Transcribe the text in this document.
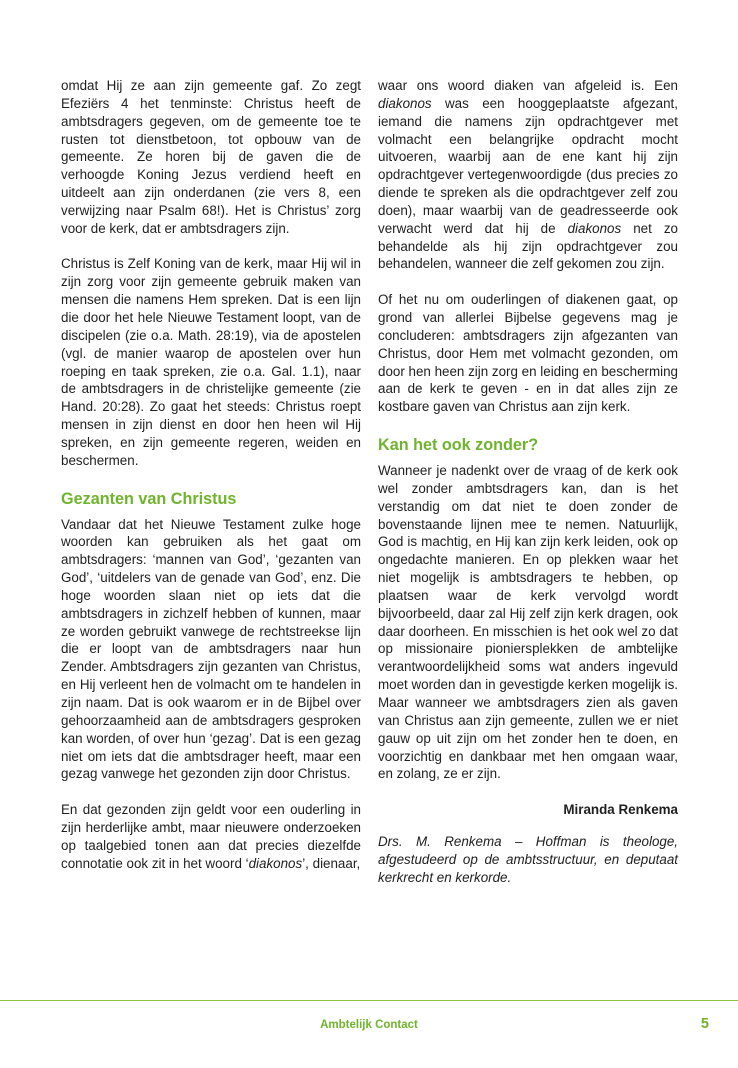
omdat Hij ze aan zijn gemeente gaf. Zo zegt Efeziërs 4 het tenminste: Christus heeft de ambtsdragers gegeven, om de gemeente toe te rusten tot dienstbetoon, tot opbouw van de gemeente. Ze horen bij de gaven die de verhoogde Koning Jezus verdiend heeft en uitdeelt aan zijn onderdanen (zie vers 8, een verwijzing naar Psalm 68!). Het is Christus’ zorg voor de kerk, dat er ambtsdragers zijn.

Christus is Zelf Koning van de kerk, maar Hij wil in zijn zorg voor zijn gemeente gebruik maken van mensen die namens Hem spreken. Dat is een lijn die door het hele Nieuwe Testament loopt, van de discipelen (zie o.a. Math. 28:19), via de apostelen (vgl. de manier waarop de apostelen over hun roeping en taak spreken, zie o.a. Gal. 1.1), naar de ambtsdragers in de christelijke gemeente (zie Hand. 20:28). Zo gaat het steeds: Christus roept mensen in zijn dienst en door hen heen wil Hij spreken, en zijn gemeente regeren, weiden en beschermen.

Gezanten van Christus

Vandaar dat het Nieuwe Testament zulke hoge woorden kan gebruiken als het gaat om ambtsdragers: ‘mannen van God’, ‘gezanten van God’, ‘uitdelers van de genade van God’, enz. Die hoge woorden slaan niet op iets dat die ambtsdragers in zichzelf hebben of kunnen, maar ze worden gebruikt vanwege de rechtstreekse lijn die er loopt van de ambtsdragers naar hun Zender. Ambtsdragers zijn gezanten van Christus, en Hij verleent hen de volmacht om te handelen in zijn naam. Dat is ook waarom er in de Bijbel over gehoorzaamheid aan de ambtsdragers gesproken kan worden, of over hun ‘gezag’. Dat is een gezag niet om iets dat die ambtsdrager heeft, maar een gezag vanwege het gezonden zijn door Christus.

En dat gezonden zijn geldt voor een ouderling in zijn herderlijke ambt, maar nieuwere onderzoeken op taalgebied tonen aan dat precies diezelfde connotatie ook zit in het woord ‘diakonos’, dienaar,

waar ons woord diaken van afgeleid is. Een diakonos was een hooggeplaatste afgezant, iemand die namens zijn opdrachtgever met volmacht een belangrijke opdracht mocht uitvoeren, waarbij aan de ene kant hij zijn opdrachtgever vertegenwoordigde (dus precies zo diende te spreken als die opdrachtgever zelf zou doen), maar waarbij van de geadresseerde ook verwacht werd dat hij de diakonos net zo behandelde als hij zijn opdrachtgever zou behandelen, wanneer die zelf gekomen zou zijn.

Of het nu om ouderlingen of diakenen gaat, op grond van allerlei Bijbelse gegevens mag je concluderen: ambtsdragers zijn afgezanten van Christus, door Hem met volmacht gezonden, om door hen heen zijn zorg en leiding en bescherming aan de kerk te geven - en in dat alles zijn ze kostbare gaven van Christus aan zijn kerk.

Kan het ook zonder?

Wanneer je nadenkt over de vraag of de kerk ook wel zonder ambtsdragers kan, dan is het verstandig om dat niet te doen zonder de bovenstaande lijnen mee te nemen. Natuurlijk, God is machtig, en Hij kan zijn kerk leiden, ook op ongedachte manieren. En op plekken waar het niet mogelijk is ambtsdragers te hebben, op plaatsen waar de kerk vervolgd wordt bijvoorbeeld, daar zal Hij zelf zijn kerk dragen, ook daar doorheen. En misschien is het ook wel zo dat op missionaire pioniersplekken de ambtelijke verantwoordelijkheid soms wat anders ingevuld moet worden dan in gevestigde kerken mogelijk is. Maar wanneer we ambtsdragers zien als gaven van Christus aan zijn gemeente, zullen we er niet gauw op uit zijn om het zonder hen te doen, en voorzichtig en dankbaar met hen omgaan waar, en zolang, ze er zijn.

Miranda Renkema

Drs. M. Renkema – Hoffman is theologe, afgestudeerd op de ambtsstructuur, en deputaat kerkrecht en kerkorde.

Ambtelijk Contact	5
